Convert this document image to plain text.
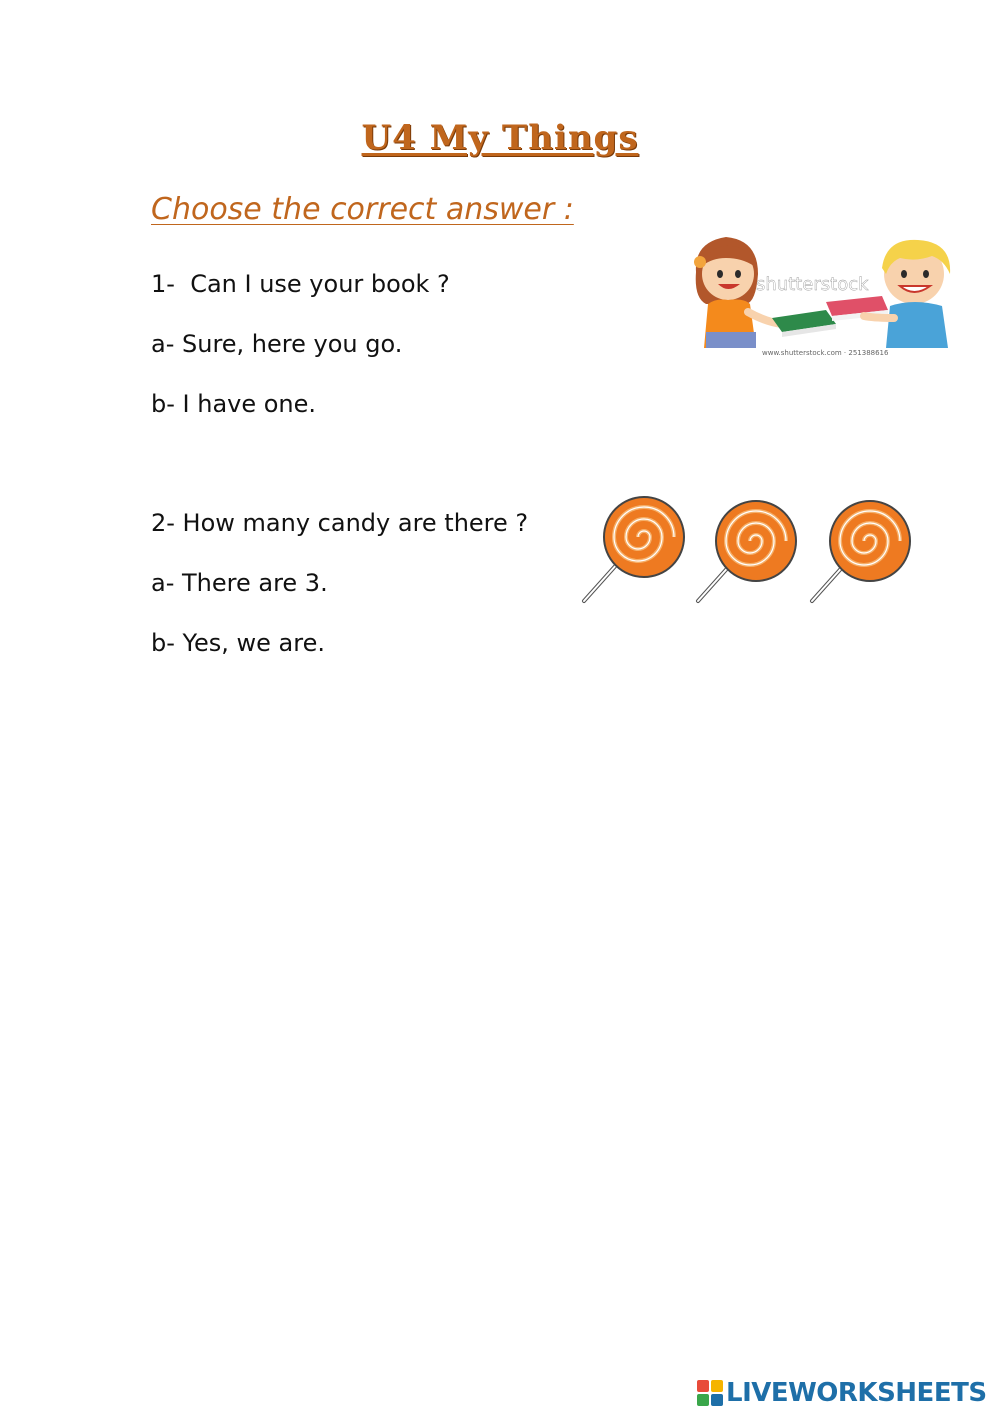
U4 My Things
Choose the correct answer :
1-  Can I use your book ?
a- Sure, here you go.
b- I have one.
2- How many candy are there ?
a- There are 3.
b- Yes, we are.
shutterstock
www.shutterstock.com · 251388616
LIVEWORKSHEETS
